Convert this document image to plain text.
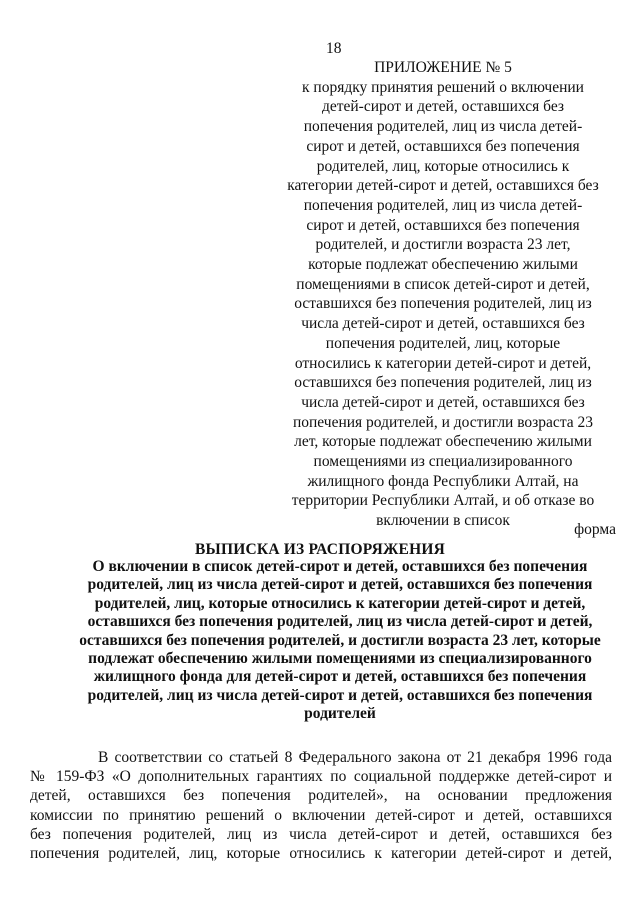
18
ПРИЛОЖЕНИЕ № 5
к порядку принятия решений о включении
детей-сирот и детей, оставшихся без
попечения родителей, лиц из числа детей-
сирот и детей, оставшихся без попечения
родителей, лиц, которые относились к
категории детей-сирот и детей, оставшихся без
попечения родителей, лиц из числа детей-
сирот и детей, оставшихся без попечения
родителей, и достигли возраста 23 лет,
которые подлежат обеспечению жилыми
помещениями в список детей-сирот и детей,
оставшихся без попечения родителей, лиц из
числа детей-сирот и детей, оставшихся без
попечения родителей, лиц, которые
относились к категории детей-сирот и детей,
оставшихся без попечения родителей, лиц из
числа детей-сирот и детей, оставшихся без
попечения родителей, и достигли возраста 23
лет, которые подлежат обеспечению жилыми
помещениями из специализированного
жилищного фонда Республики Алтай, на
территории Республики Алтай, и об отказе во
включении в список
форма
ВЫПИСКА ИЗ РАСПОРЯЖЕНИЯ
О включении в список детей-сирот и детей, оставшихся без попечения
родителей, лиц из числа детей-сирот и детей, оставшихся без попечения
родителей, лиц, которые относились к категории детей-сирот и детей,
оставшихся без попечения родителей, лиц из числа детей-сирот и детей,
оставшихся без попечения родителей, и достигли возраста 23 лет, которые
подлежат обеспечению жилыми помещениями из специализированного
жилищного фонда для детей-сирот и детей, оставшихся без попечения
родителей, лиц из числа детей-сирот и детей, оставшихся без попечения
родителей
В соответствии со статьей 8 Федерального закона от 21 декабря 1996 года
№ 159-ФЗ «О дополнительных гарантиях по социальной поддержке детей-сирот и
детей, оставшихся без попечения родителей», на основании предложения
комиссии по принятию решений о включении детей-сирот и детей, оставшихся
без попечения родителей, лиц из числа детей-сирот и детей, оставшихся без
попечения родителей, лиц, которые относились к категории детей-сирот и детей,
